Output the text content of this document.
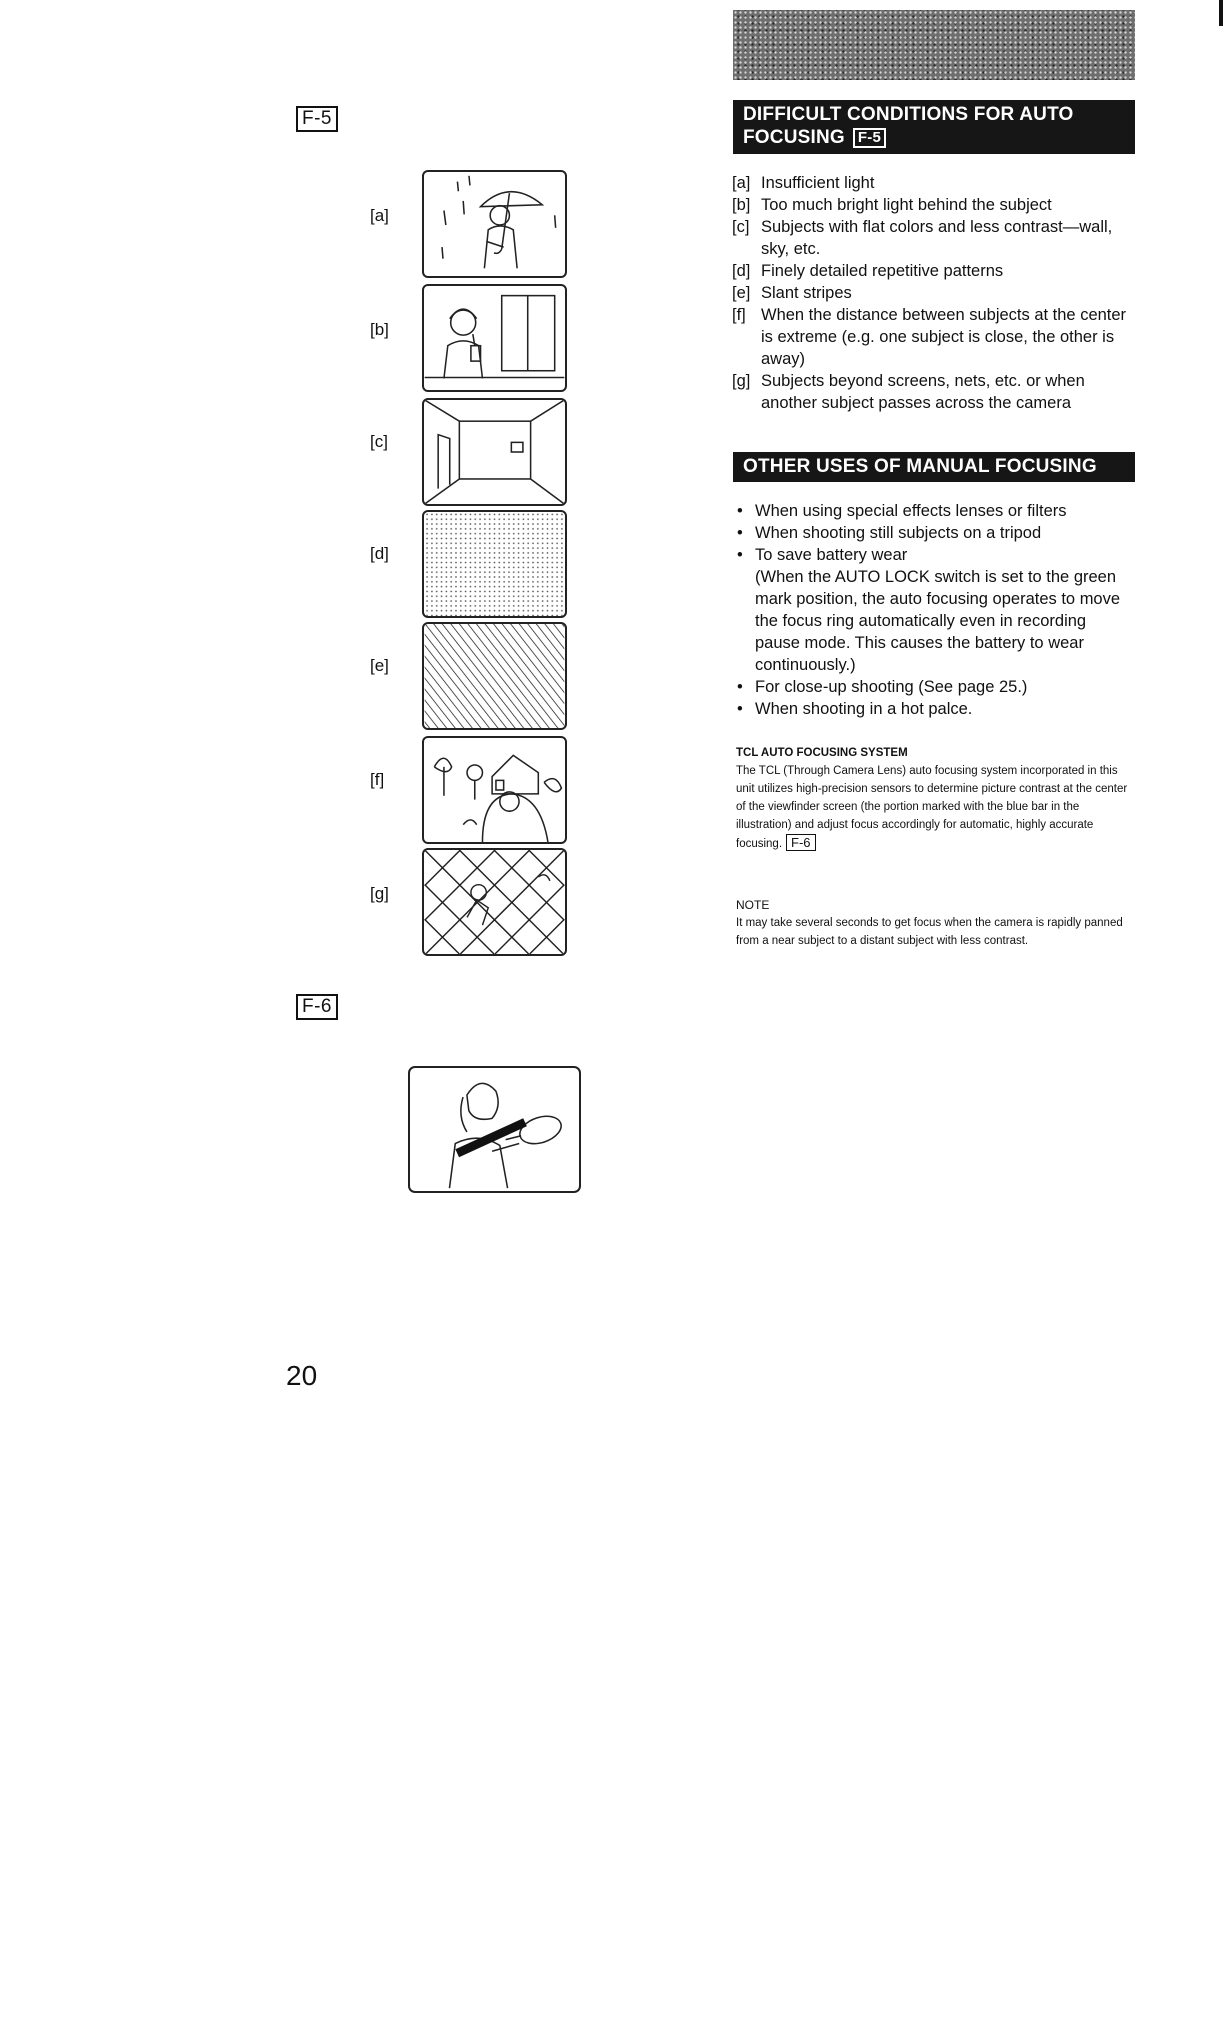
F-5
[a]
[b]
[c]
[d]
[e]
[f]
[g]
F-6
20
DIFFICULT CONDITIONS FOR AUTO
FOCUSING F-5
[a] Insufficient light
[b] Too much bright light behind the subject
[c] Subjects with flat colors and less contrast—wall, sky, etc.
[d] Finely detailed repetitive patterns
[e] Slant stripes
[f] When the distance between subjects at the center is extreme (e.g. one subject is close, the other is away)
[g] Subjects beyond screens, nets, etc. or when another subject passes across the camera
OTHER USES OF MANUAL FOCUSING
• When using special effects lenses or filters
• When shooting still subjects on a tripod
• To save battery wear
(When the AUTO LOCK switch is set to the green mark position, the auto focusing operates to move the focus ring automatically even in recording pause mode. This causes the battery to wear continuously.)
• For close-up shooting (See page 25.)
• When shooting in a hot palce.
TCL AUTO FOCUSING SYSTEM
The TCL (Through Camera Lens) auto focusing system incorporated in this unit utilizes high-precision sensors to determine picture contrast at the center of the viewfinder screen (the portion marked with the blue bar in the illustration) and adjust focus accordingly for automatic, highly accurate focusing. F-6
NOTE
It may take several seconds to get focus when the camera is rapidly panned from a near subject to a distant subject with less contrast.
